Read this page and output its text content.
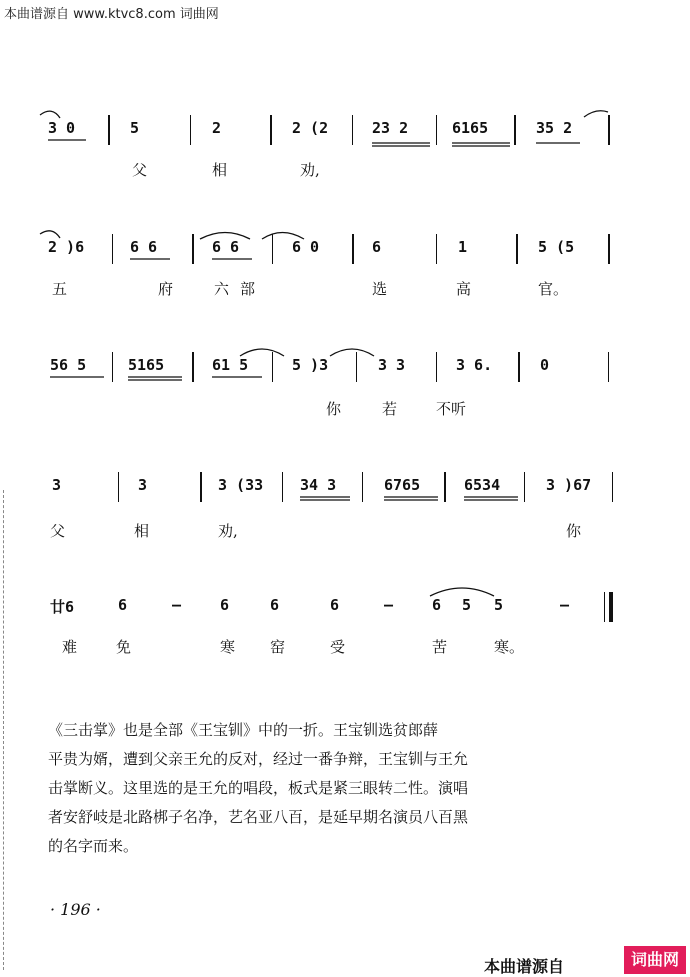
本曲谱源自 www.ktvc8.com 词曲网
3 0	5	2	2 (2	23 2	6165	35 2
父	相	劝,
2 )6	6 6	6 6	6 0	6	1	5 (5
五	府	六 部	选	高	官。
56 5	5165	61 5	5 )3	3 3	3 6.	0
你	若	不听
3	3	3 (33 34 3	6765	6534	3 )67
父	相	劝,	你
廿6	6	–	6	6	6	–	6 5 5	–
难	免	寒 窑	受	苦	寒。

《三击掌》也是全部《王宝钏》中的一折。王宝钏选贫郎薛

平贵为婿，遭到父亲王允的反对，经过一番争辩，王宝钏与王允

击掌断义。这里选的是王允的唱段，板式是紧三眼转二性。演唱

者安舒岐是北路梆子名净，艺名亚八百，是延早期名演员八百黑

的名字而来。

· 196 ·
本曲谱源自	词曲网
